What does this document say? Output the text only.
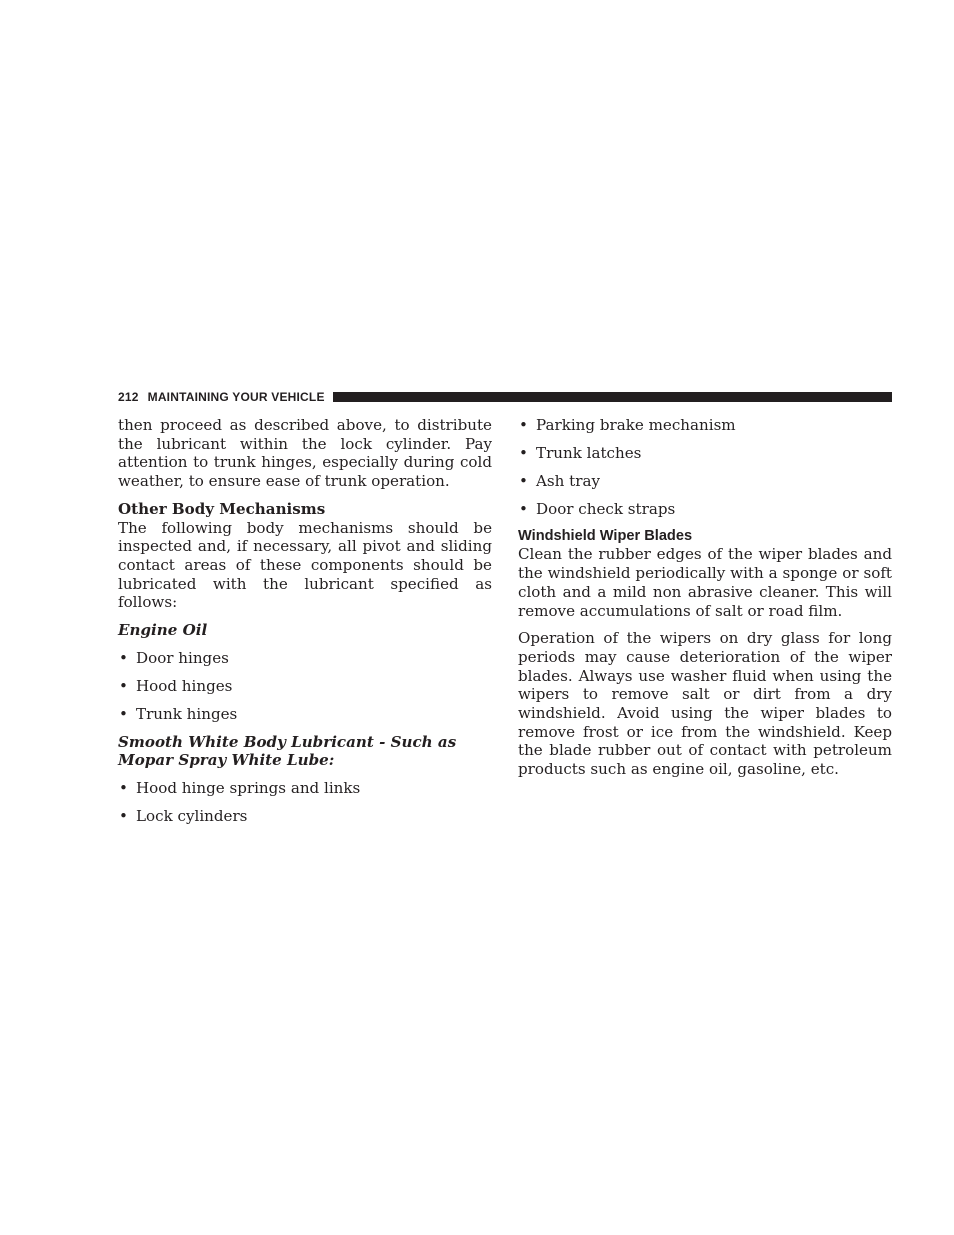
212 MAINTAINING YOUR VEHICLE

then proceed as described above, to distribute the lubricant within the lock cylinder. Pay attention to trunk hinges, especially during cold weather, to ensure ease of trunk operation.

Other Body Mechanisms

The following body mechanisms should be inspected and, if necessary, all pivot and sliding contact areas of these components should be lubricated with the lubricant specified as follows:

Engine Oil
• Door hinges
• Hood hinges
• Trunk hinges
Smooth White Body Lubricant - Such as Mopar Spray White Lube:
• Hood hinge springs and links
• Lock cylinders
• Parking brake mechanism
• Trunk latches
• Ash tray
• Door check straps
Windshield Wiper Blades

Clean the rubber edges of the wiper blades and the windshield periodically with a sponge or soft cloth and a mild non abrasive cleaner. This will remove accumulations of salt or road film.

Operation of the wipers on dry glass for long periods may cause deterioration of the wiper blades. Always use washer fluid when using the wipers to remove salt or dirt from a dry windshield. Avoid using the wiper blades to remove frost or ice from the windshield. Keep the blade rubber out of contact with petroleum products such as engine oil, gasoline, etc.
